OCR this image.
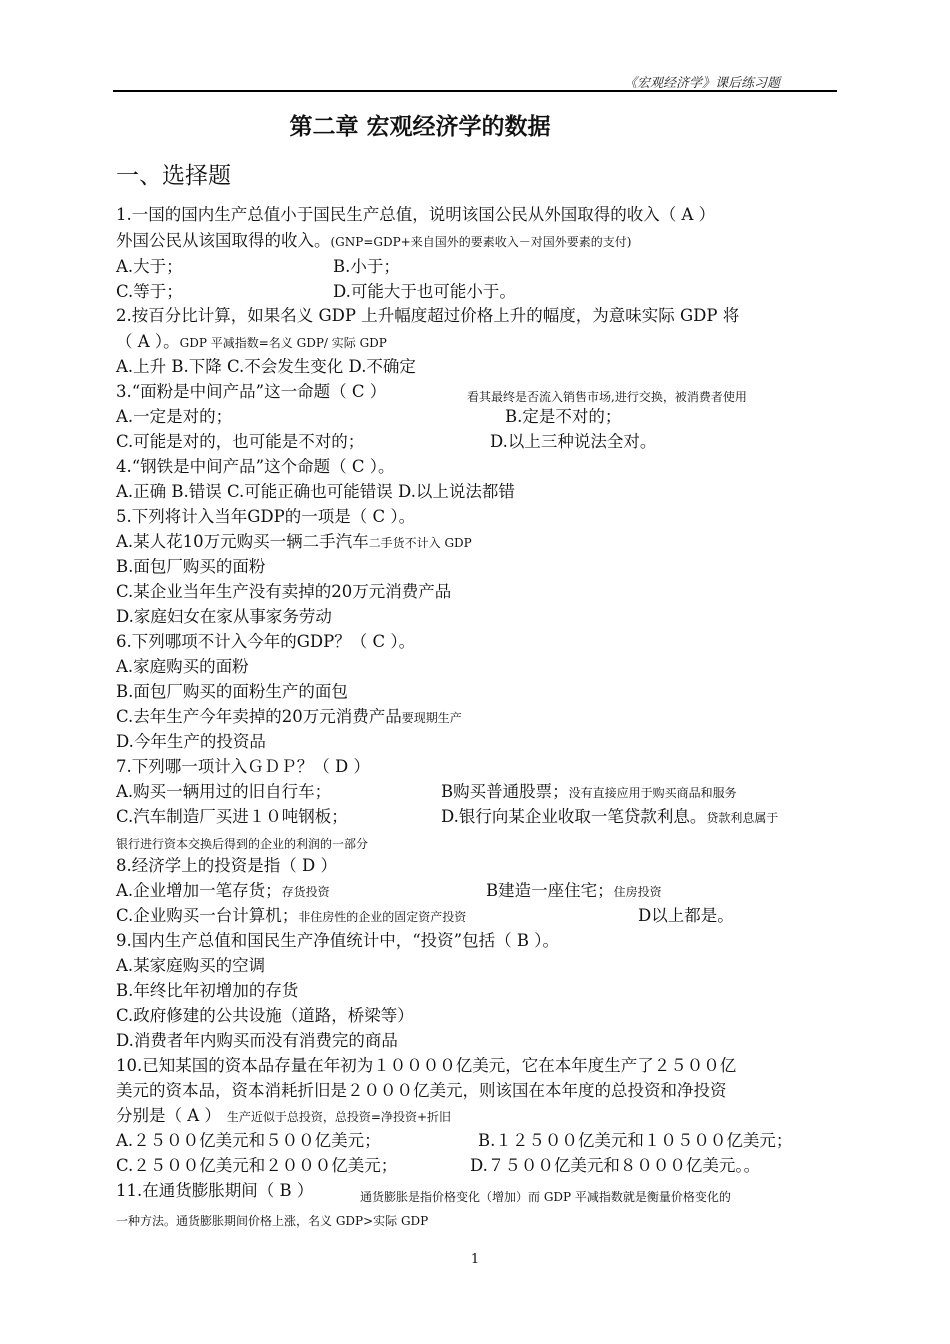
《宏观经济学》课后练习题
第二章 宏观经济学的数据
一、选择题
1.一国的国内生产总值小于国民生产总值，说明该国公民从外国取得的收入（ A ）
外国公民从该国取得的收入。(GNP=GDP+来自国外的要素收入－对国外要素的支付)
A.大于；	B.小于；
C.等于；	D.可能大于也可能小于。
2.按百分比计算，如果名义 GDP 上升幅度超过价格上升的幅度，为意味实际 GDP 将
（ A ）。GDP 平减指数=名义 GDP/ 实际 GDP
A.上升 B.下降 C.不会发生变化 D.不确定
3.“面粉是中间产品”这一命题（ C ）	看其最终是否流入销售市场,进行交换，被消费者使用
A.一定是对的；	B.定是不对的；
C.可能是对的，也可能是不对的；	D.以上三种说法全对。
4.“钢铁是中间产品”这个命题（ C ）。
A.正确 B.错误 C.可能正确也可能错误 D.以上说法都错
5.下列将计入当年GDP的一项是（ C ）。
A.某人花10万元购买一辆二手汽车二手货不计入 GDP
B.面包厂购买的面粉
C.某企业当年生产没有卖掉的20万元消费产品
D.家庭妇女在家从事家务劳动
6.下列哪项不计入今年的GDP？（ C ）。
A.家庭购买的面粉
B.面包厂购买的面粉生产的面包
C.去年生产今年卖掉的20万元消费产品要现期生产
D.今年生产的投资品
7.下列哪一项计入ＧＤＰ？（ D ）
A.购买一辆用过的旧自行车；	B购买普通股票；没有直接应用于购买商品和服务
C.汽车制造厂买进１０吨钢板；	D.银行向某企业收取一笔贷款利息。贷款利息属于
银行进行资本交换后得到的企业的利润的一部分
8.经济学上的投资是指（ D ）
A.企业增加一笔存货；存货投资	B建造一座住宅；住房投资
C.企业购买一台计算机；非住房性的企业的固定资产投资	D以上都是。
9.国内生产总值和国民生产净值统计中，“投资”包括（ B ）。
A.某家庭购买的空调
B.年终比年初增加的存货
C.政府修建的公共设施（道路，桥梁等）
D.消费者年内购买而没有消费完的商品
10.已知某国的资本品存量在年初为１００００亿美元，它在本年度生产了２５００亿
美元的资本品，资本消耗折旧是２０００亿美元，则该国在本年度的总投资和净投资
分别是（ A ） 生产近似于总投资，总投资=净投资+折旧
A.２５００亿美元和５００亿美元；	B.１２５００亿美元和１０５００亿美元；
C.２５００亿美元和２０００亿美元；	D.７５００亿美元和８０００亿美元。。
11.在通货膨胀期间（ B ）	通货膨胀是指价格变化（增加）而 GDP 平减指数就是衡量价格变化的
一种方法。通货膨胀期间价格上涨，名义 GDP>实际 GDP
1
